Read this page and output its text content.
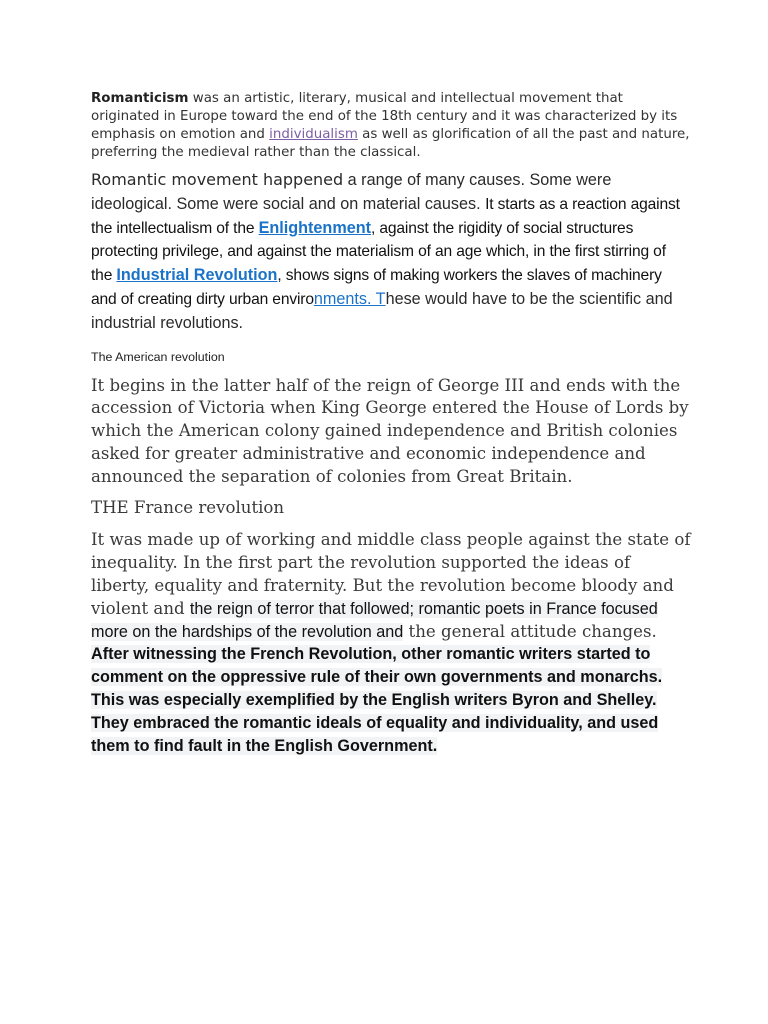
Romanticism was an artistic, literary, musical and intellectual movement that originated in Europe toward the end of the 18th century and it was characterized by its emphasis on emotion and individualism as well as glorification of all the past and nature, preferring the medieval rather than the classical.

Romantic movement happened a range of many causes. Some were ideological. Some were social and on material causes. It starts as a reaction against the intellectualism of the Enlightenment, against the rigidity of social structures protecting privilege, and against the materialism of an age which, in the first stirring of the Industrial Revolution, shows signs of making workers the slaves of machinery and of creating dirty urban environments. These would have to be the scientific and industrial revolutions.

The American revolution

It begins in the latter half of the reign of George III and ends with the accession of Victoria when King George entered the House of Lords by which the American colony gained independence and British colonies asked for greater administrative and economic independence and announced the separation of colonies from Great Britain.

THE France revolution

It was made up of working and middle class people against the state of inequality. In the first part the revolution supported the ideas of liberty, equality and fraternity. But the revolution become bloody and violent and the reign of terror that followed; romantic poets in France focused more on the hardships of the revolution and the general attitude changes. After witnessing the French Revolution, other romantic writers started to comment on the oppressive rule of their own governments and monarchs. This was especially exemplified by the English writers Byron and Shelley. They embraced the romantic ideals of equality and individuality, and used them to find fault in the English Government.
